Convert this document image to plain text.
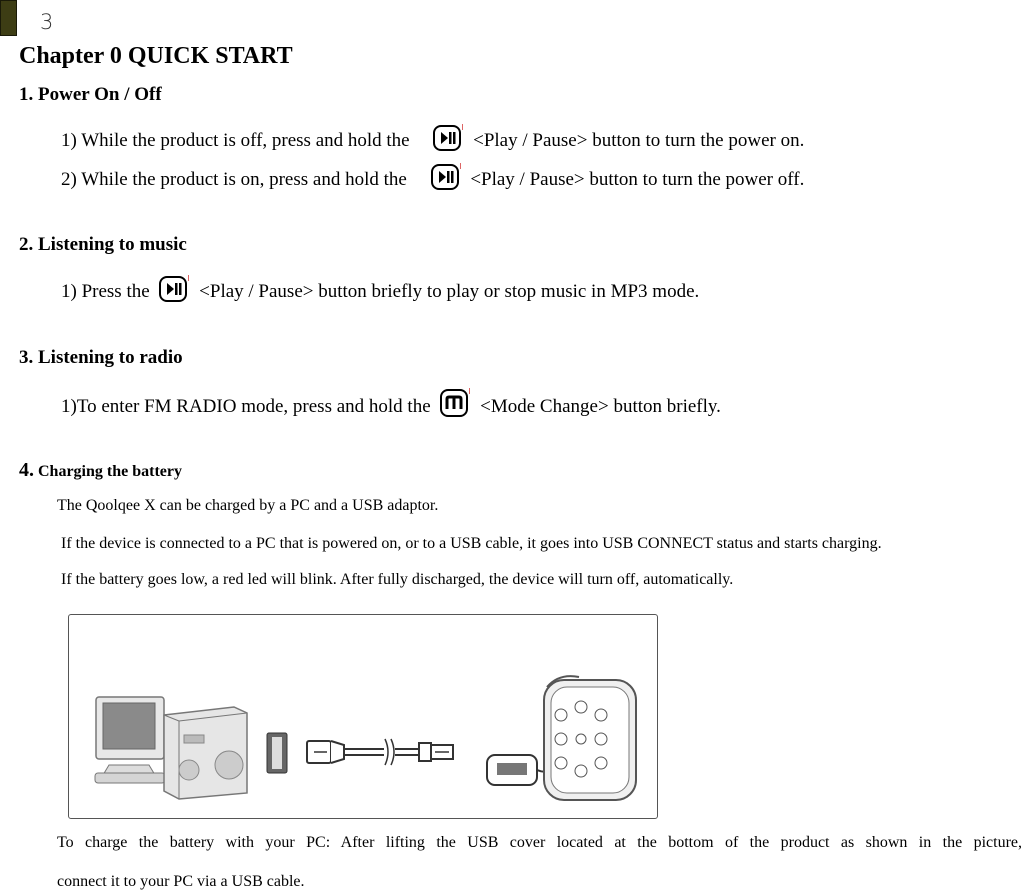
3
Chapter 0 QUICK START
1. Power On / Off
1) While the product is off, press and hold the	<Play / Pause> button to turn the power on.
2) While the product is on, press and hold the	<Play / Pause> button to turn the power off.
2. Listening to music
1) Press the	<Play / Pause> button briefly to play or stop music in MP3 mode.
3. Listening to radio
1)To enter FM RADIO mode, press and hold the	<Mode Change> button briefly.
4. Charging the battery
The Qoolqee X can be charged by a PC and a USB adaptor.
If the device is connected to a PC that is powered on, or to a USB cable, it goes into USB CONNECT status and starts charging.
If the battery goes low, a red led will blink. After fully discharged, the device will turn off, automatically.
To charge the battery with your PC: After lifting the USB cover located at the bottom of the product as shown in the picture,
connect it to your PC via a USB cable.
